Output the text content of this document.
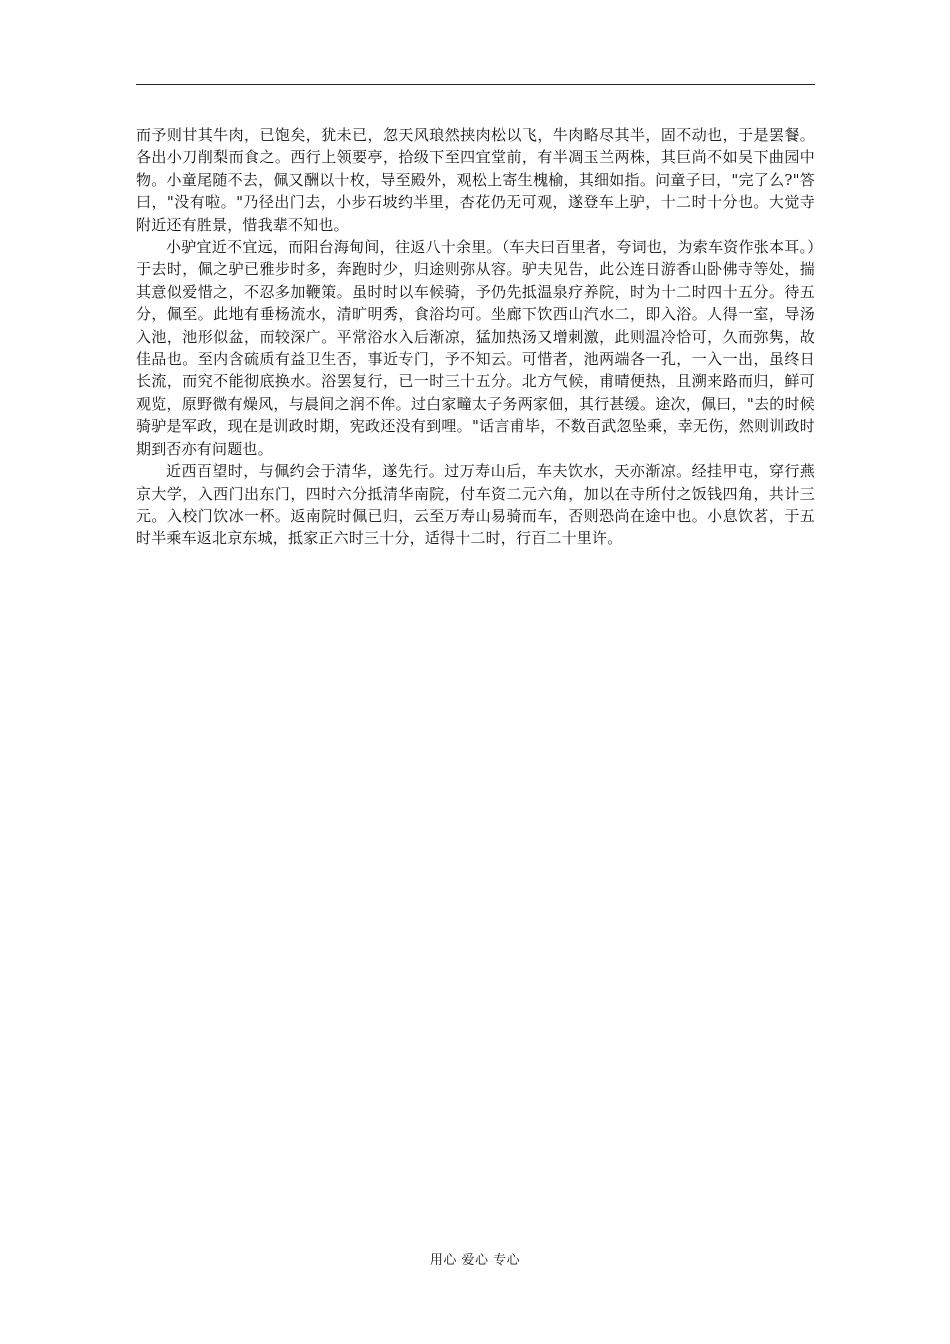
而予则甘其牛肉，已饱矣，犹未已，忽天风琅然挟肉松以飞，牛肉略尽其半，固不动也，于是罢餐。各出小刀削梨而食之。西行上领要亭，拾级下至四宜堂前，有半凋玉兰两株，其巨尚不如吴下曲园中物。小童尾随不去，佩又酬以十枚，导至殿外，观松上寄生槐榆，其细如指。问童子曰，"完了么?"答曰，"没有啦。"乃径出门去，小步石坡约半里，杏花仍无可观，遂登车上驴，十二时十分也。大觉寺附近还有胜景，惜我辈不知也。

小驴宜近不宜远，而阳台海甸间，往返八十余里。（车夫曰百里者，夸词也，为索车资作张本耳。）于去时，佩之驴已雅步时多，奔跑时少，归途则弥从容。驴夫见告，此公连日游香山卧佛寺等处，揣其意似爱惜之，不忍多加鞭策。虽时时以车候骑，予仍先抵温泉疗养院，时为十二时四十五分。待五分，佩至。此地有垂杨流水，清旷明秀，食浴均可。坐廊下饮西山汽水二，即入浴。人得一室，导汤入池，池形似盆，而较深广。平常浴水入后渐凉，猛加热汤又增刺激，此则温冷恰可，久而弥隽，故佳品也。至内含硫质有益卫生否，事近专门，予不知云。可惜者，池两端各一孔，一入一出，虽终日长流，而究不能彻底换水。浴罢复行，已一时三十五分。北方气候，甫晴便热，且溯来路而归，鲜可观览，原野微有燥风，与晨间之润不侔。过白家疃太子务两家佃，其行甚缓。途次，佩曰，"去的时候骑驴是军政，现在是训政时期，宪政还没有到哩。"话言甫毕，不数百武忽坠乘，幸无伤，然则训政时期到否亦有问题也。

近西百望时，与佩约会于清华，遂先行。过万寿山后，车夫饮水，天亦渐凉。经挂甲屯，穿行燕京大学，入西门出东门，四时六分抵清华南院，付车资二元六角，加以在寺所付之饭钱四角，共计三元。入校门饮冰一杯。返南院时佩已归，云至万寿山易骑而车，否则恐尚在途中也。小息饮茗，于五时半乘车返北京东城，抵家正六时三十分，适得十二时，行百二十里许。

用心 爱心 专心
